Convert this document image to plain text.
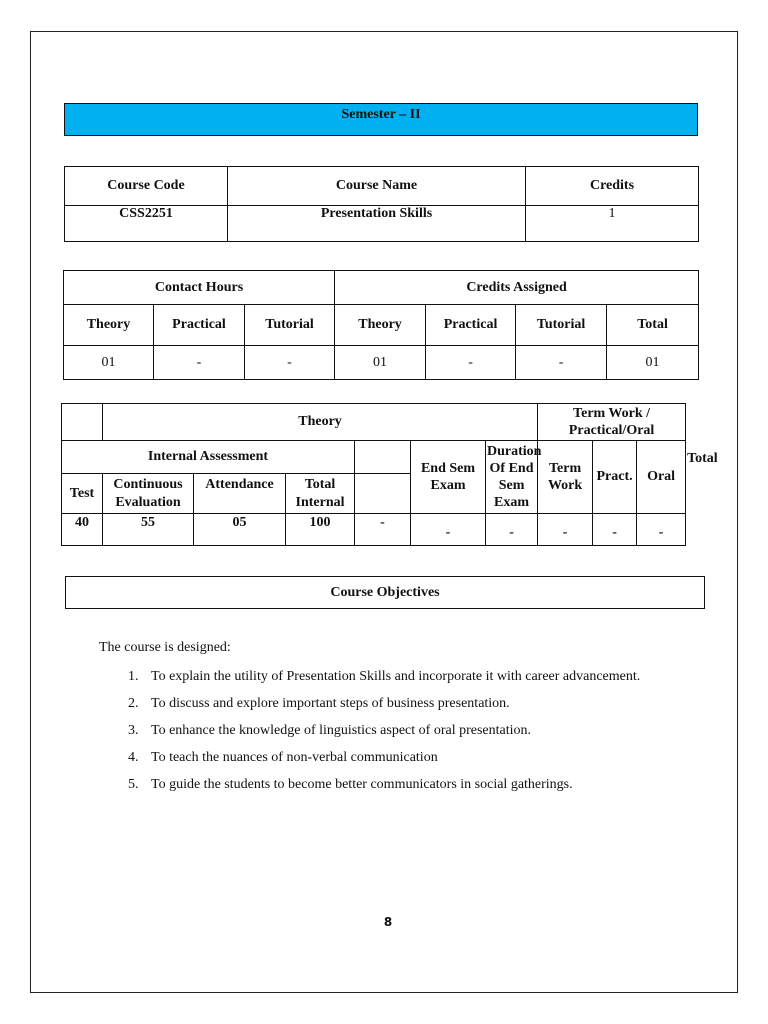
Semester – II
Course Code	Course Name	Credits
CSS2251	Presentation Skills	1
Contact Hours			Credits Assigned			
Theory	Practical	Tutorial	Theory	Practical	Tutorial	Total
01	-	-	01	-	-	01
	Theory						Term Work / Practical/Oral			Total
Internal Assessment					End Sem Exam	Duration Of End Sem Exam	Term Work	Pract.	Oral	
Test	Continuous Evaluation	Attendance	Total Internal							
40	55	05	100	-	-	-	-	-	-	
Course Objectives

The course is designed:

1. To explain the utility of Presentation Skills and incorporate it with career advancement.
2. To discuss and explore important steps of business presentation.
3. To enhance the knowledge of linguistics aspect of oral presentation.
4. To teach the nuances of non-verbal communication
5. To guide the students to become better communicators in social gatherings.
8
